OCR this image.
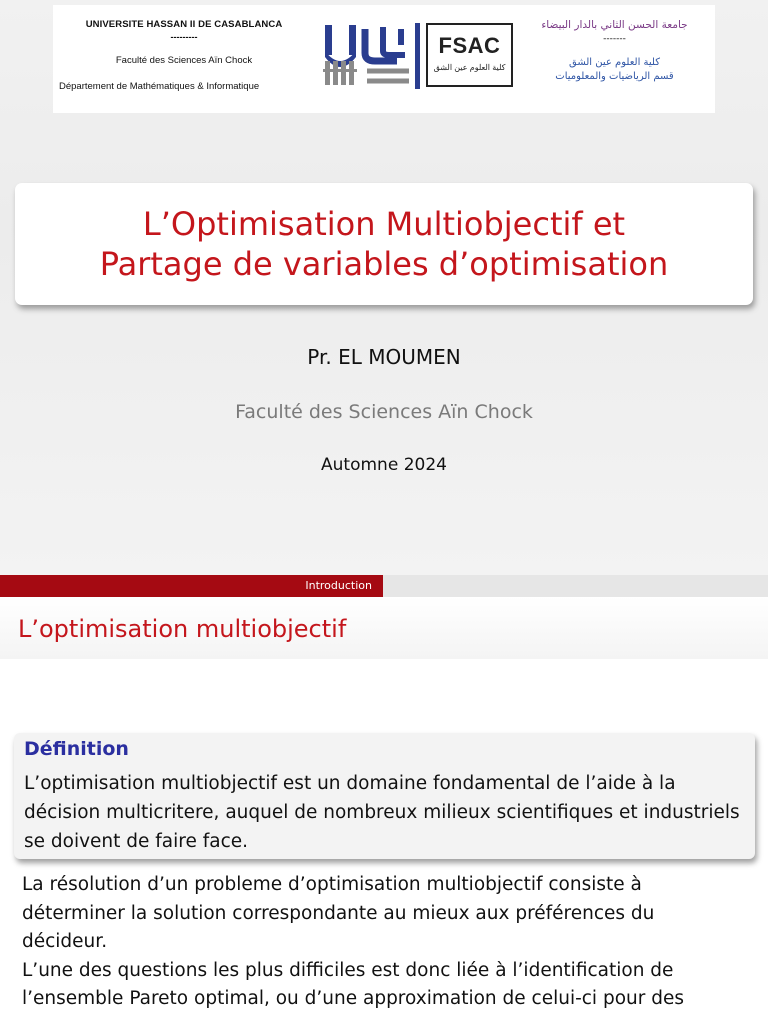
UNIVERSITE HASSAN II DE CASABLANCA
---------
Faculté des Sciences Aïn Chock
Département de Mathématiques & Informatique
FSAC
كلية العلوم عين الشق
جامعة الحسن الثاني بالدار البيضاء
-------
كلية العلوم عين الشق
قسم الرياضيات والمعلوميات
L’Optimisation Multiobjectif et
Partage de variables d’optimisation
Pr. EL MOUMEN
Faculté des Sciences Aïn Chock
Automne 2024
Introduction
L’optimisation multiobjectif
Définition
L’optimisation multiobjectif est un domaine fondamental de l’aide à la
décision multicritere, auquel de nombreux milieux scientifiques et industriels
se doivent de faire face.
La résolution d’un probleme d’optimisation multiobjectif consiste à
déterminer la solution correspondante au mieux aux préférences du
décideur.
L’une des questions les plus difficiles est donc liée à l’identification de
l’ensemble Pareto optimal, ou d’une approximation de celui-ci pour des
